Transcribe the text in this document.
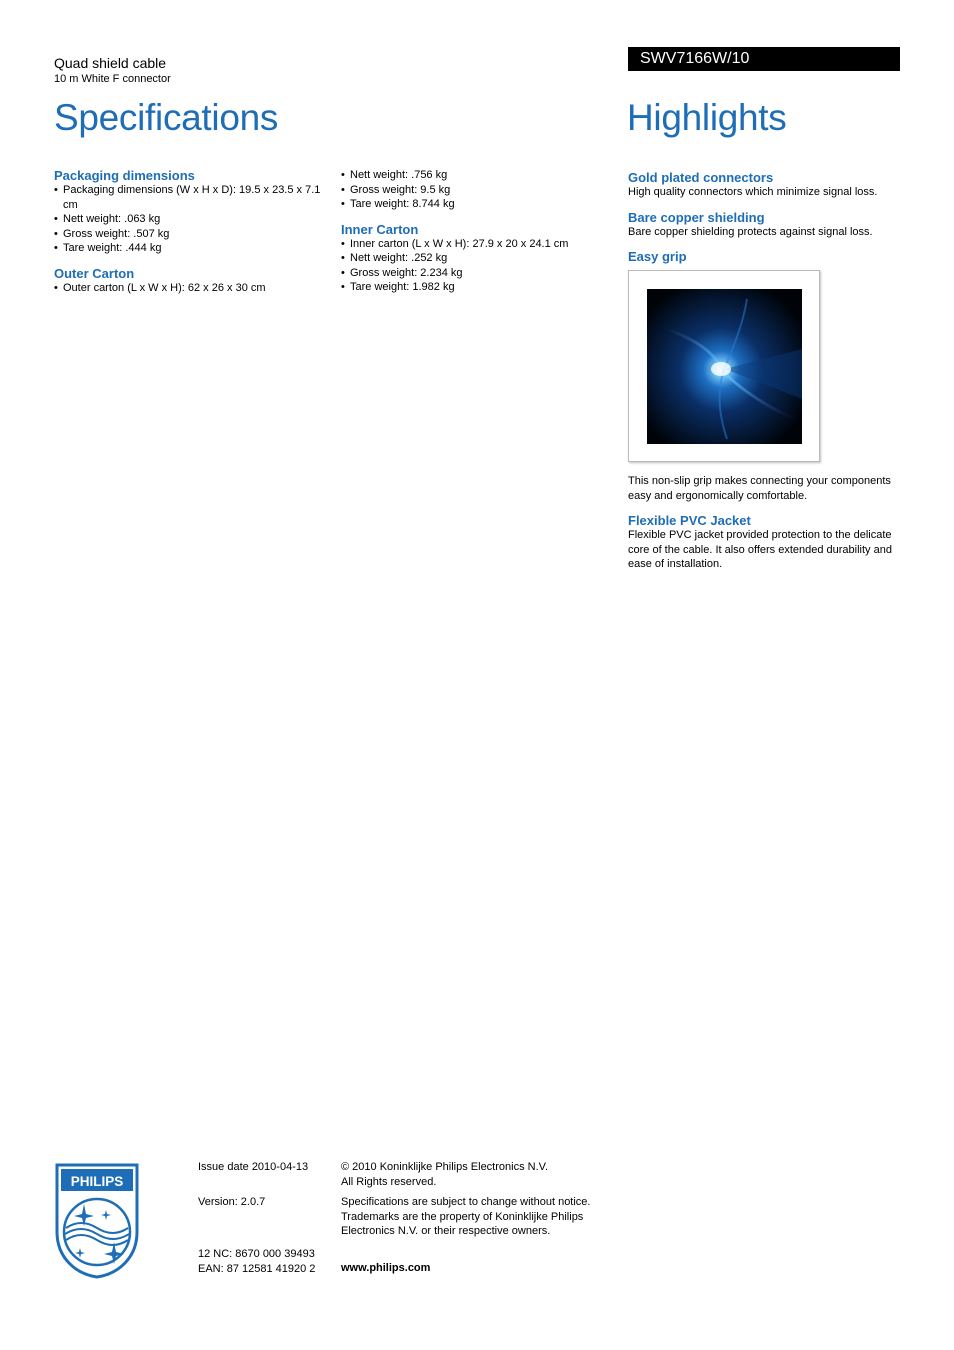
Quad shield cable
10 m White F connector
SWV7166W/10
Specifications	Highlights
Packaging dimensions
• Packaging dimensions (W x H x D): 19.5 x 23.5 x 7.1 cm
• Nett weight: .063 kg
• Gross weight: .507 kg
• Tare weight: .444 kg
Outer Carton
• Outer carton (L x W x H): 62 x 26 x 30 cm
• Nett weight: .756 kg
• Gross weight: 9.5 kg
• Tare weight: 8.744 kg
Inner Carton
• Inner carton (L x W x H): 27.9 x 20 x 24.1 cm
• Nett weight: .252 kg
• Gross weight: 2.234 kg
• Tare weight: 1.982 kg
Gold plated connectors

High quality connectors which minimize signal loss.

Bare copper shielding

Bare copper shielding protects against signal loss.

Easy grip

This non-slip grip makes connecting your components easy and ergonomically comfortable.

Flexible PVC Jacket

Flexible PVC jacket provided protection to the delicate core of the cable. It also offers extended durability and ease of installation.

PHILIPS
Issue date 2010-04-13
Version: 2.0.7
12 NC: 8670 000 39493
EAN: 87 12581 41920 2
© 2010 Koninklijke Philips Electronics N.V.
All Rights reserved.
Specifications are subject to change without notice. Trademarks are the property of Koninklijke Philips Electronics N.V. or their respective owners.
www.philips.com
